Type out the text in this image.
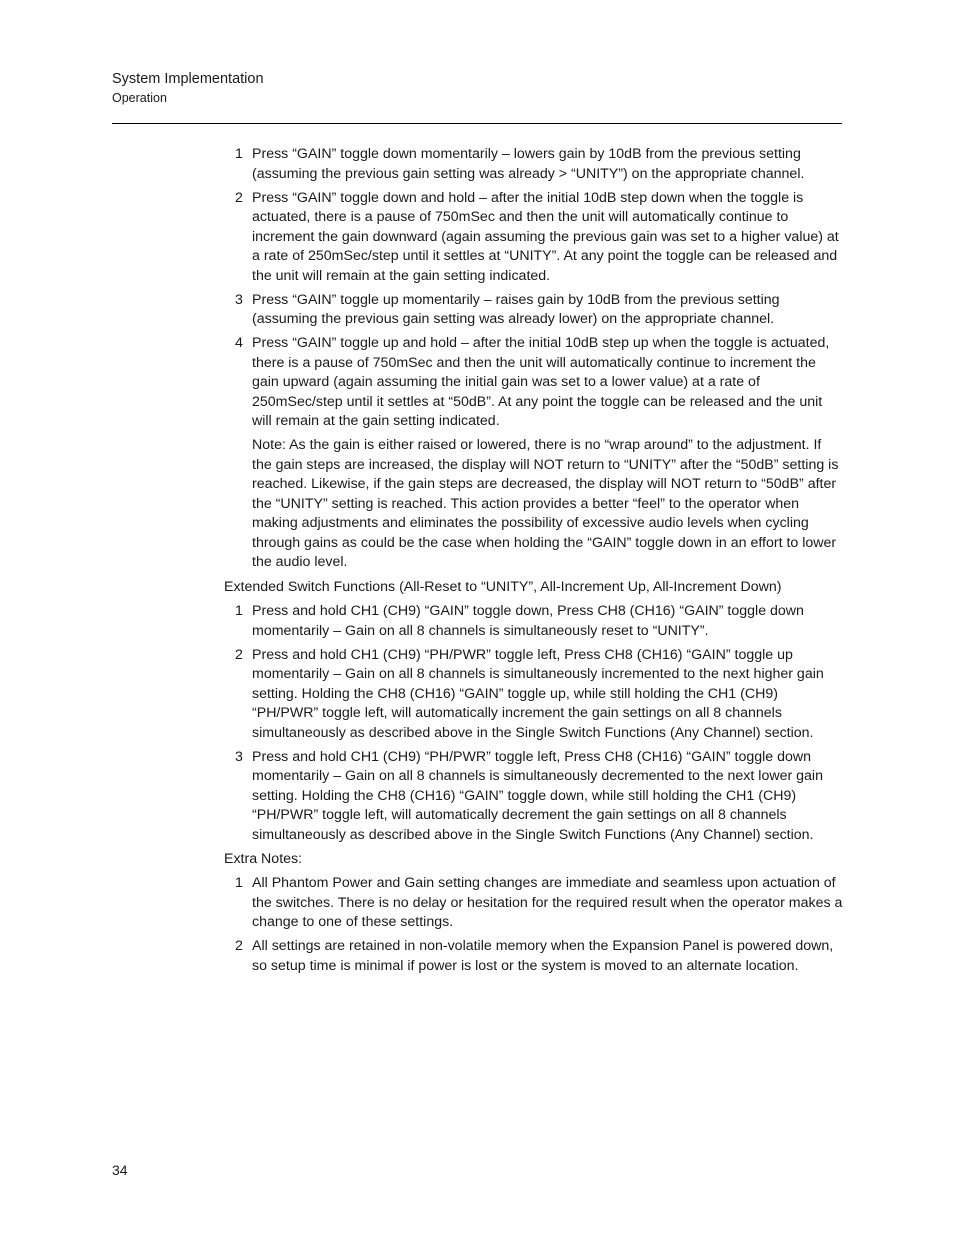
System Implementation
Operation
1 Press “GAIN” toggle down momentarily – lowers gain by 10dB from the previous setting (assuming the previous gain setting was already > “UNITY”) on the appropriate channel.
2 Press “GAIN” toggle down and hold – after the initial 10dB step down when the toggle is actuated, there is a pause of 750mSec and then the unit will automatically continue to increment the gain downward (again assuming the previous gain was set to a higher value) at a rate of 250mSec/step until it settles at “UNITY”. At any point the toggle can be released and the unit will remain at the gain setting indicated.
3 Press “GAIN” toggle up momentarily – raises gain by 10dB from the previous setting (assuming the previous gain setting was already lower) on the appropriate channel.
4 Press “GAIN” toggle up and hold – after the initial 10dB step up when the toggle is actuated, there is a pause of 750mSec and then the unit will automatically continue to increment the gain upward (again assuming the initial gain was set to a lower value) at a rate of 250mSec/step until it settles at “50dB”. At any point the toggle can be released and the unit will remain at the gain setting indicated.
Note: As the gain is either raised or lowered, there is no “wrap around” to the adjustment. If the gain steps are increased, the display will NOT return to “UNITY” after the “50dB” setting is reached. Likewise, if the gain steps are decreased, the display will NOT return to “50dB” after the “UNITY” setting is reached. This action provides a better “feel” to the operator when making adjustments and eliminates the possibility of excessive audio levels when cycling through gains as could be the case when holding the “GAIN” toggle down in an effort to lower the audio level.
Extended Switch Functions (All-Reset to “UNITY”, All-Increment Up, All-Increment Down)
1 Press and hold CH1 (CH9) “GAIN” toggle down, Press CH8 (CH16) “GAIN” toggle down momentarily – Gain on all 8 channels is simultaneously reset to “UNITY”.
2 Press and hold CH1 (CH9) “PH/PWR” toggle left, Press CH8 (CH16) “GAIN” toggle up momentarily – Gain on all 8 channels is simultaneously incremented to the next higher gain setting. Holding the CH8 (CH16) “GAIN” toggle up, while still holding the CH1 (CH9) “PH/PWR” toggle left, will automatically increment the gain settings on all 8 channels simultaneously as described above in the Single Switch Functions (Any Channel) section.
3 Press and hold CH1 (CH9) “PH/PWR” toggle left, Press CH8 (CH16) “GAIN” toggle down momentarily – Gain on all 8 channels is simultaneously decremented to the next lower gain setting. Holding the CH8 (CH16) “GAIN” toggle down, while still holding the CH1 (CH9) “PH/PWR” toggle left, will automatically decrement the gain settings on all 8 channels simultaneously as described above in the Single Switch Functions (Any Channel) section.
Extra Notes:
1 All Phantom Power and Gain setting changes are immediate and seamless upon actuation of the switches. There is no delay or hesitation for the required result when the operator makes a change to one of these settings.
2 All settings are retained in non-volatile memory when the Expansion Panel is powered down, so setup time is minimal if power is lost or the system is moved to an alternate location.
34
